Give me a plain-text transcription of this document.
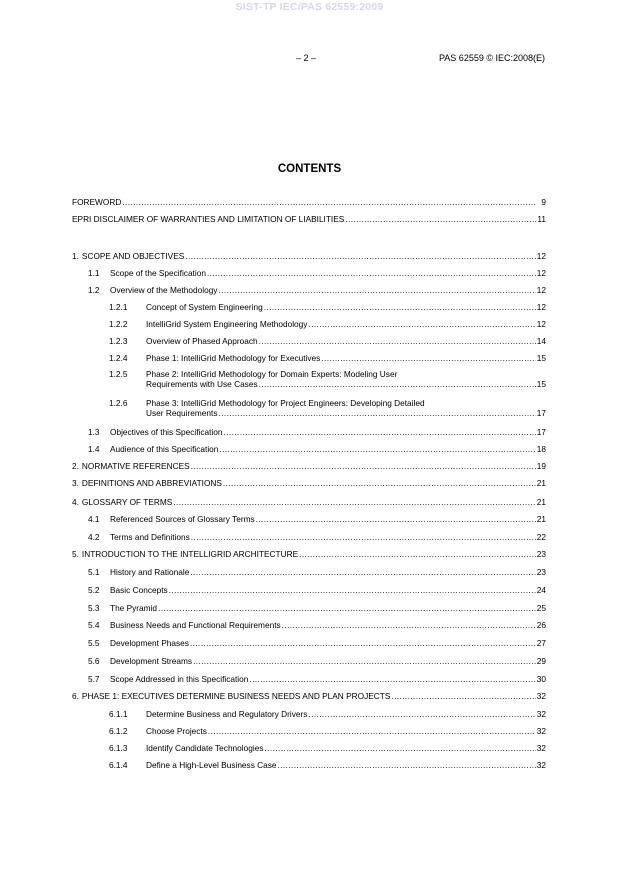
SIST-TP IEC/PAS 62559:2009
– 2 –	PAS 62559 © IEC:2008(E)
CONTENTS
FOREWORD .....	9
EPRI DISCLAIMER OF WARRANTIES AND LIMITATION OF LIABILITIES .....	11
1. SCOPE AND OBJECTIVES .....	12
1.1	Scope of the Specification .....	12
1.2	Overview of the Methodology .....	12
1.2.1	Concept of System Engineering .....	12
1.2.2	IntelliGrid System Engineering Methodology .....	12
1.2.3	Overview of Phased Approach .....	14
1.2.4	Phase 1: IntelliGrid Methodology for Executives .....	15
1.2.5	Phase 2: IntelliGrid Methodology for Domain Experts: Modeling User
Requirements with Use Cases .....	15
1.2.6	Phase 3: IntelliGrid Methodology for Project Engineers: Developing Detailed
User Requirements .....	17
1.3	Objectives of this Specification .....	17
1.4	Audience of this Specification .....	18
2. NORMATIVE REFERENCES .....	19
3. DEFINITIONS AND ABBREVIATIONS .....	21
4. GLOSSARY OF TERMS .....	21
4.1	Referenced Sources of Glossary Terms .....	21
4.2	Terms and Definitions .....	22
5. INTRODUCTION TO THE INTELLIGRID ARCHITECTURE .....	23
5.1	History and Rationale .....	23
5.2	Basic Concepts .....	24
5.3	The Pyramid .....	25
5.4	Business Needs and Functional Requirements .....	26
5.5	Development Phases .....	27
5.6	Development Streams .....	29
5.7	Scope Addressed in this Specification .....	30
6. PHASE 1: EXECUTIVES DETERMINE BUSINESS NEEDS AND PLAN PROJECTS .....	32
6.1.1	Determine Business and Regulatory Drivers .....	32
6.1.2	Choose Projects .....	32
6.1.3	Identify Candidate Technologies .....	32
6.1.4	Define a High-Level Business Case .....	32
